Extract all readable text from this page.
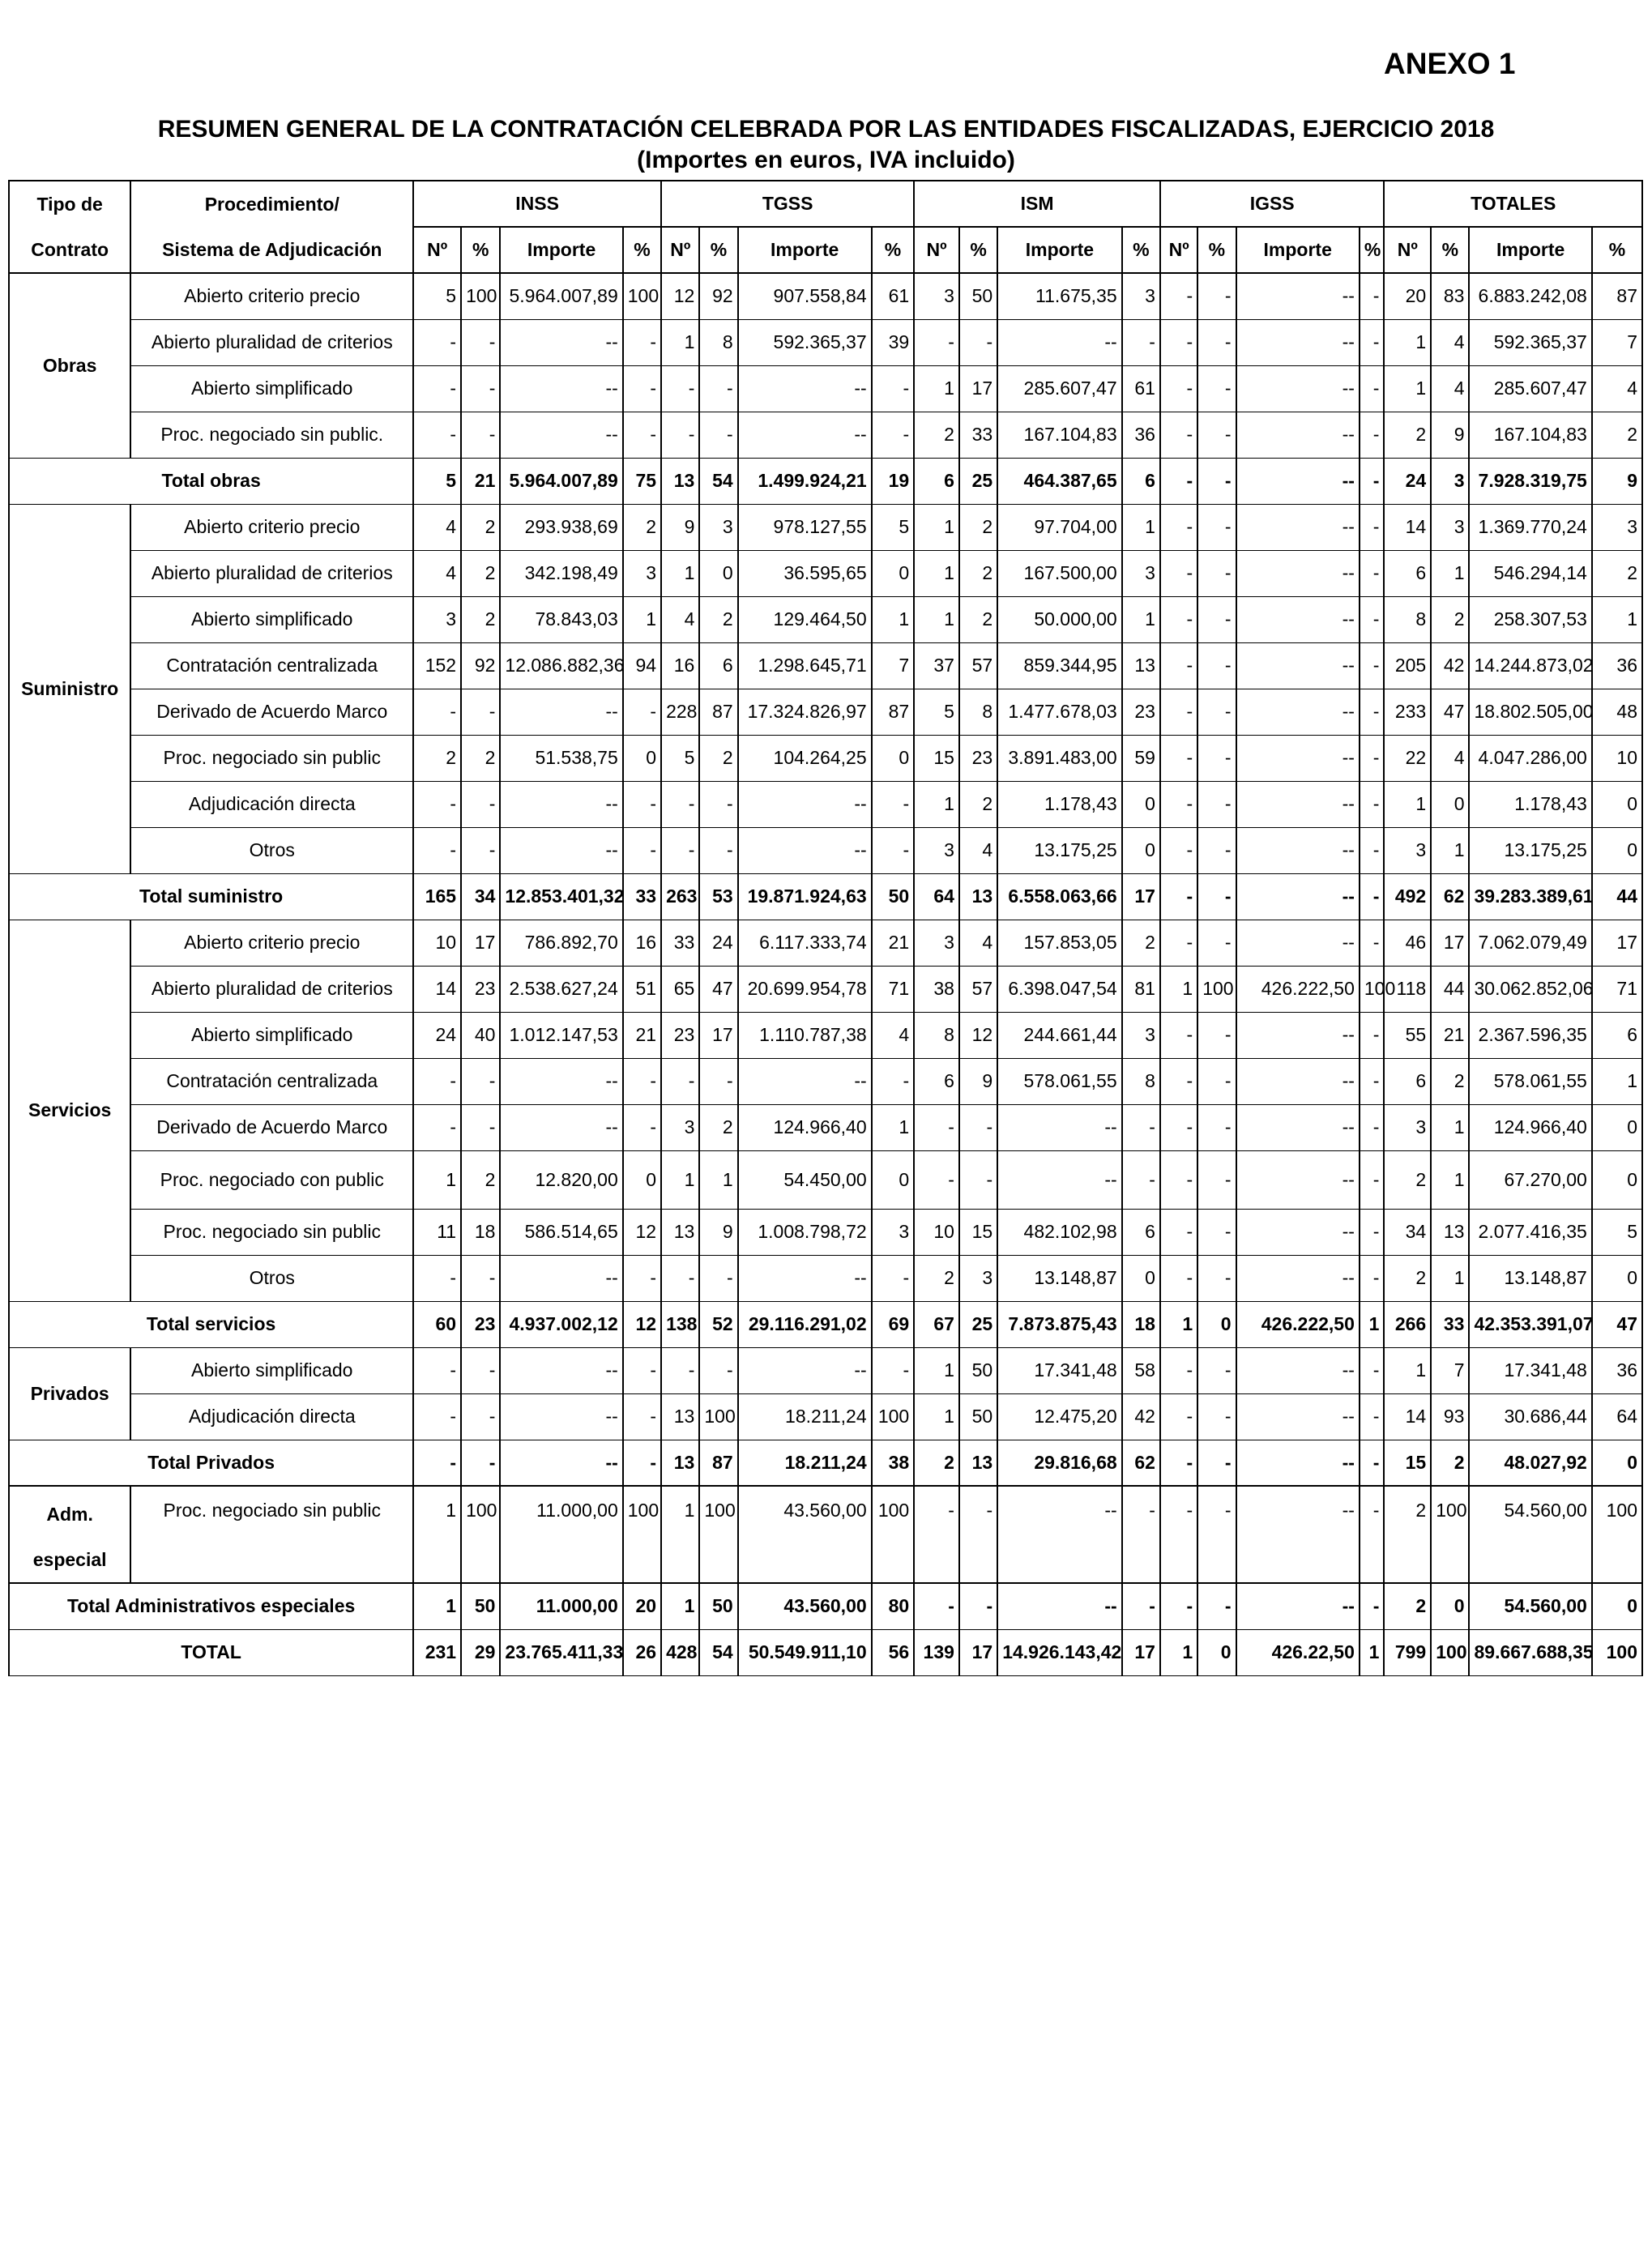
ANEXO 1
RESUMEN GENERAL DE LA CONTRATACIÓN CELEBRADA POR LAS ENTIDADES FISCALIZADAS, EJERCICIO 2018
(Importes en euros, IVA incluido)
Tipo de	Procedimiento/	INSS				TGSS				ISM				IGSS				TOTALES			
Contrato	Sistema de Adjudicación	Nº	%	Importe	%	Nº	%	Importe	%	Nº	%	Importe	%	Nº	%	Importe	%	Nº	%	Importe	%
Obras	Abierto criterio precio	5	100	5.964.007,89	100	12	92	907.558,84	61	3	50	11.675,35	3	-	-	--	-	20	83	6.883.242,08	87
	Abierto pluralidad de criterios	-	-	--	-	1	8	592.365,37	39	-	-	--	-	-	-	--	-	1	4	592.365,37	7
	Abierto simplificado	-	-	--	-	-	-	--	-	1	17	285.607,47	61	-	-	--	-	1	4	285.607,47	4
	Proc. negociado sin public.	-	-	--	-	-	-	--	-	2	33	167.104,83	36	-	-	--	-	2	9	167.104,83	2
Total obras		5	21	5.964.007,89	75	13	54	1.499.924,21	19	6	25	464.387,65	6	-	-	--	-	24	3	7.928.319,75	9
Suministro	Abierto criterio precio	4	2	293.938,69	2	9	3	978.127,55	5	1	2	97.704,00	1	-	-	--	-	14	3	1.369.770,24	3
	Abierto pluralidad de criterios	4	2	342.198,49	3	1	0	36.595,65	0	1	2	167.500,00	3	-	-	--	-	6	1	546.294,14	2
	Abierto simplificado	3	2	78.843,03	1	4	2	129.464,50	1	1	2	50.000,00	1	-	-	--	-	8	2	258.307,53	1
	Contratación centralizada	152	92	12.086.882,36	94	16	6	1.298.645,71	7	37	57	859.344,95	13	-	-	--	-	205	42	14.244.873,02	36
	Derivado de Acuerdo Marco	-	-	--	-	228	87	17.324.826,97	87	5	8	1.477.678,03	23	-	-	--	-	233	47	18.802.505,00	48
	Proc. negociado sin public	2	2	51.538,75	0	5	2	104.264,25	0	15	23	3.891.483,00	59	-	-	--	-	22	4	4.047.286,00	10
	Adjudicación directa	-	-	--	-	-	-	--	-	1	2	1.178,43	0	-	-	--	-	1	0	1.178,43	0
	Otros	-	-	--	-	-	-	--	-	3	4	13.175,25	0	-	-	--	-	3	1	13.175,25	0
Total suministro		165	34	12.853.401,32	33	263	53	19.871.924,63	50	64	13	6.558.063,66	17	-	-	--	-	492	62	39.283.389,61	44
Servicios	Abierto criterio precio	10	17	786.892,70	16	33	24	6.117.333,74	21	3	4	157.853,05	2	-	-	--	-	46	17	7.062.079,49	17
	Abierto pluralidad de criterios	14	23	2.538.627,24	51	65	47	20.699.954,78	71	38	57	6.398.047,54	81	1	100	426.222,50	100	118	44	30.062.852,06	71
	Abierto simplificado	24	40	1.012.147,53	21	23	17	1.110.787,38	4	8	12	244.661,44	3	-	-	--	-	55	21	2.367.596,35	6
	Contratación centralizada	-	-	--	-	-	-	--	-	6	9	578.061,55	8	-	-	--	-	6	2	578.061,55	1
	Derivado de Acuerdo Marco	-	-	--	-	3	2	124.966,40	1	-	-	--	-	-	-	--	-	3	1	124.966,40	0
	Proc. negociado con public	1	2	12.820,00	0	1	1	54.450,00	0	-	-	--	-	-	-	--	-	2	1	67.270,00	0
	Proc. negociado sin public	11	18	586.514,65	12	13	9	1.008.798,72	3	10	15	482.102,98	6	-	-	--	-	34	13	2.077.416,35	5
	Otros	-	-	--	-	-	-	--	-	2	3	13.148,87	0	-	-	--	-	2	1	13.148,87	0
Total servicios		60	23	4.937.002,12	12	138	52	29.116.291,02	69	67	25	7.873.875,43	18	1	0	426.222,50	1	266	33	42.353.391,07	47
Privados	Abierto simplificado	-	-	--	-	-	-	--	-	1	50	17.341,48	58	-	-	--	-	1	7	17.341,48	36
	Adjudicación directa	-	-	--	-	13	100	18.211,24	100	1	50	12.475,20	42	-	-	--	-	14	93	30.686,44	64
Total Privados		-	-	--	-	13	87	18.211,24	38	2	13	29.816,68	62	-	-	--	-	15	2	48.027,92	0
Adm. especial	Proc. negociado sin public	1	100	11.000,00	100	1	100	43.560,00	100	-	-	--	-	-	-	--	-	2	100	54.560,00	100
Total Administrativos especiales		1	50	11.000,00	20	1	50	43.560,00	80	-	-	--	-	-	-	--	-	2	0	54.560,00	0
TOTAL		231	29	23.765.411,33	26	428	54	50.549.911,10	56	139	17	14.926.143,42	17	1	0	426.22,50	1	799	100	89.667.688,35	100
